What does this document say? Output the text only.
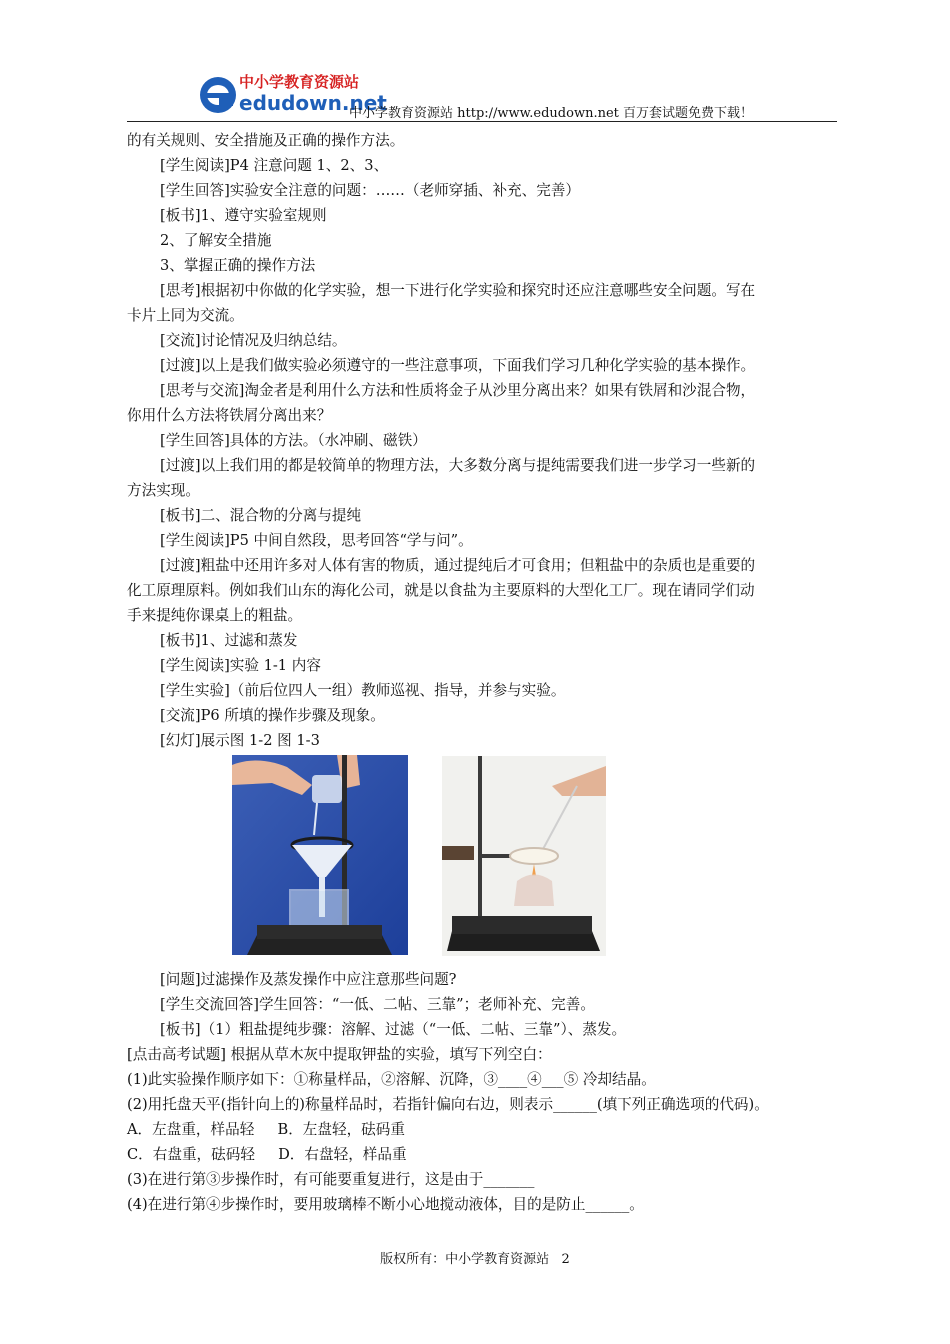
中小学教育资源站
edudown.net
中小学教育资源站 http://www.edudown.net 百万套试题免费下载！
的有关规则、安全措施及正确的操作方法。
[学生阅读]P4 注意问题 1、2、3、
[学生回答]实验安全注意的问题：……（老师穿插、补充、完善）
[板书]1、遵守实验室规则
2、了解安全措施
3、掌握正确的操作方法
[思考]根据初中你做的化学实验，想一下进行化学实验和探究时还应注意哪些安全问题。写在
卡片上同为交流。
[交流]讨论情况及归纳总结。
[过渡]以上是我们做实验必须遵守的一些注意事项，下面我们学习几种化学实验的基本操作。
[思考与交流]淘金者是利用什么方法和性质将金子从沙里分离出来？如果有铁屑和沙混合物，
你用什么方法将铁屑分离出来？
[学生回答]具体的方法。（水冲刷、磁铁）
[过渡]以上我们用的都是较简单的物理方法，大多数分离与提纯需要我们进一步学习一些新的
方法实现。
[板书]二、混合物的分离与提纯
[学生阅读]P5 中间自然段，思考回答“学与问”。
[过渡]粗盐中还用许多对人体有害的物质，通过提纯后才可食用；但粗盐中的杂质也是重要的
化工原理原料。例如我们山东的海化公司，就是以食盐为主要原料的大型化工厂。现在请同学们动
手来提纯你课桌上的粗盐。
[板书]1、过滤和蒸发
[学生阅读]实验 1-1 内容
[学生实验]（前后位四人一组）教师巡视、指导，并参与实验。
[交流]P6 所填的操作步骤及现象。
[幻灯]展示图 1-2 图 1-3
[问题]过滤操作及蒸发操作中应注意那些问题?
[学生交流回答]学生回答：“一低、二帖、三靠”；老师补充、完善。
[板书]（1）粗盐提纯步骤：溶解、过滤（“一低、二帖、三靠”）、蒸发。
[点击高考试题] 根据从草木灰中提取钾盐的实验，填写下列空白：
(1)此实验操作顺序如下：①称量样品，②溶解、沉降，③____④___⑤ 冷却结晶。
(2)用托盘天平(指针向上的)称量样品时，若指针偏向右边，则表示______(填下列正确选项的代码)。
A．左盘重，样品轻     B．左盘轻，砝码重
C．右盘重，砝码轻     D．右盘轻，样品重
(3)在进行第③步操作时，有可能要重复进行，这是由于_______
(4)在进行第④步操作时，要用玻璃棒不断小心地搅动液体，目的是防止______。
版权所有：中小学教育资源站   2
